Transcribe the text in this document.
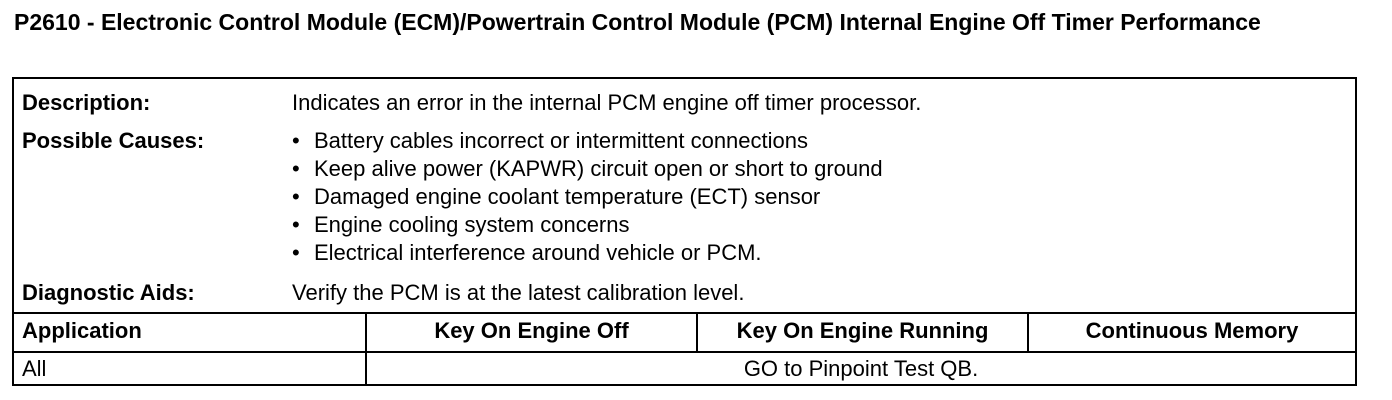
P2610 - Electronic Control Module (ECM)/Powertrain Control Module (PCM) Internal Engine Off Timer Performance
Description:	Indicates an error in the internal PCM engine off timer processor.
Possible Causes:
•	Battery cables incorrect or intermittent connections
• Keep alive power (KAPWR) circuit open or short to ground
• Damaged engine coolant temperature (ECT) sensor
• Engine cooling system concerns
• Electrical interference around vehicle or PCM.
Diagnostic Aids:	Verify the PCM is at the latest calibration level.
Application	Key On Engine Off	Key On Engine Running	Continuous Memory
All	GO to Pinpoint Test QB.
